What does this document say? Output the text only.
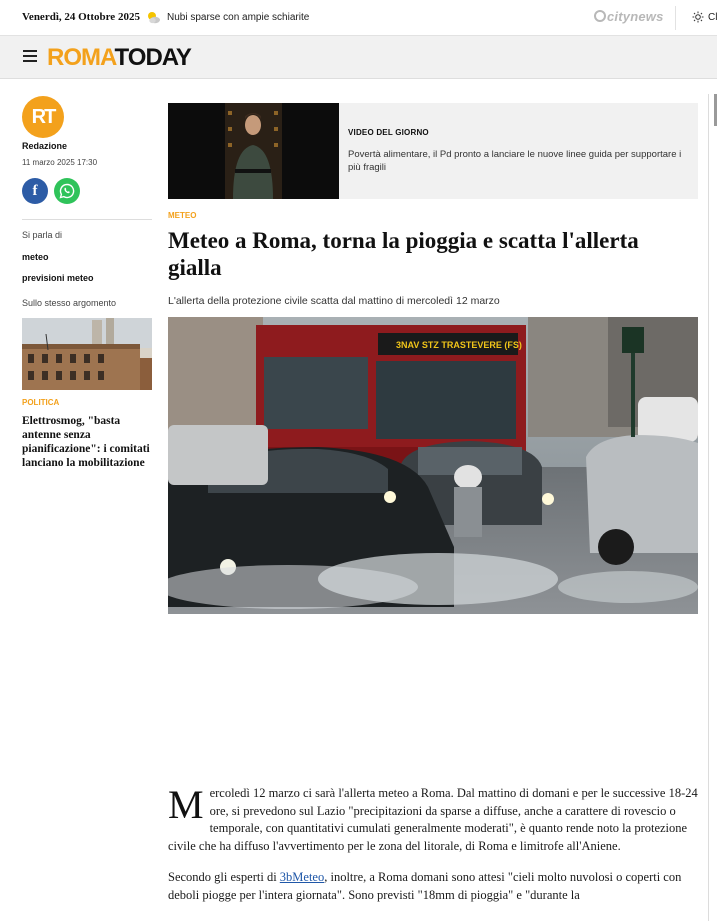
Venerdì, 24 Ottobre 2025	Nubi sparse con ampie schiarite	citynews	Cl
ROMATODAY
RT
Redazione
11 marzo 2025 17:30
f
Si parla di
meteo
previsioni meteo
Sullo stesso argomento
POLITICA
Elettrosmog, "basta antenne senza pianificazione": i comitati lanciano la mobilitazione
VIDEO DEL GIORNO
Povertà alimentare, il Pd pronto a lanciare le nuove linee guida per supportare i più fragili
METEO
Meteo a Roma, torna la pioggia e scatta l'allerta gialla
L'allerta della protezione civile scatta dal mattino di mercoledì 12 marzo
3NAV STZ TRASTEVERE (FS)

Mercoledì 12 marzo ci sarà l'allerta meteo a Roma. Dal mattino di domani e per le successive 18-24 ore, si prevedono sul Lazio "precipitazioni da sparse a diffuse, anche a carattere di rovescio o temporale, con quantitativi cumulati generalmente moderati", è quanto rende noto la protezione civile che ha diffuso l'avvertimento per le zona del litorale, di Roma e limitrofe all'Aniene.

Secondo gli esperti di 3bMeteo, inoltre, a Roma domani sono attesi "cieli molto nuvolosi o coperti con deboli piogge per l'intera giornata". Sono previsti "18mm di pioggia" e "durante la
